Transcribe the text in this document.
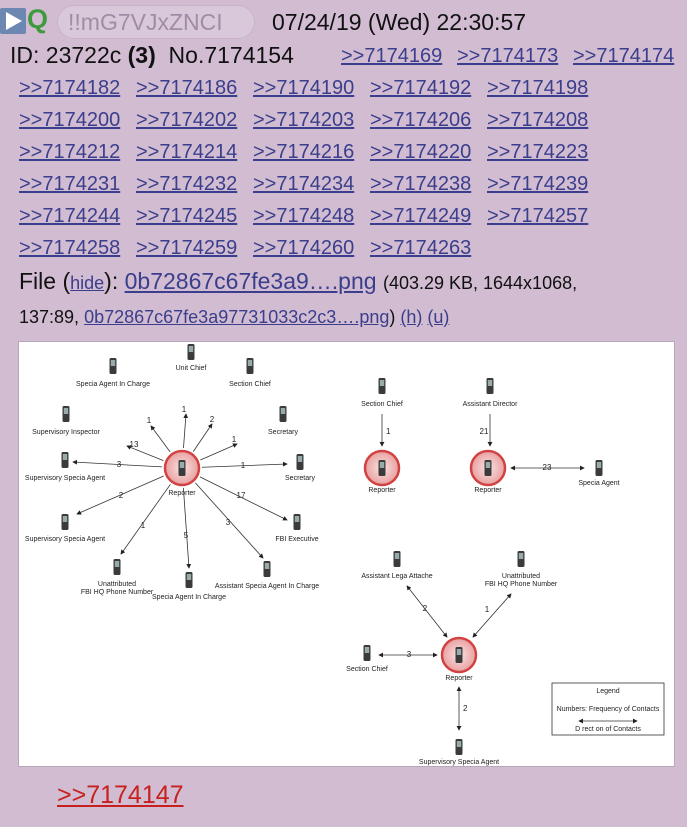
Q !!mG7VJxZNCI 07/24/19 (Wed) 22:30:57
ID: 23722c (3) No.7174154 >>7174169 >>7174173 >>7174174
>>7174182 >>7174186 >>7174190 >>7174192 >>7174198
>>7174200 >>7174202 >>7174203 >>7174206 >>7174208
>>7174212 >>7174214 >>7174216 >>7174220 >>7174223
>>7174231 >>7174232 >>7174234 >>7174238 >>7174239
>>7174244 >>7174245 >>7174248 >>7174249 >>7174257
>>7174258 >>7174259 >>7174260 >>7174263
File (hide): 0b72867c67fe3a9….png (403.29 KB, 1644x1068,
137:89, 0b72867c67fe3a97731033c2c3….png) (h) (u)
Specia Agent In Charge
1
Unit Chief
1
Section Chief
2
Supervisory Inspector
13
Secretary
1
Supervisory Specia Agent
3
Secretary
1
Supervisory Specia Agent
2
FBI Executive
17
Unattributed
FBI HQ Phone Number
1
Specia Agent In Charge
5
Assistant Specia Agent In Charge
3
Reporter
Section Chief
1
Reporter
Assistant Director
21
Reporter
23
Specia Agent
Assistant Lega Attache
2
Unattributed
FBI HQ Phone Number
1
Section Chief
3
Reporter
2
Supervisory Specia Agent
Legend
Numbers: Frequency of Contacts
D rect on of Contacts
>>7174147
